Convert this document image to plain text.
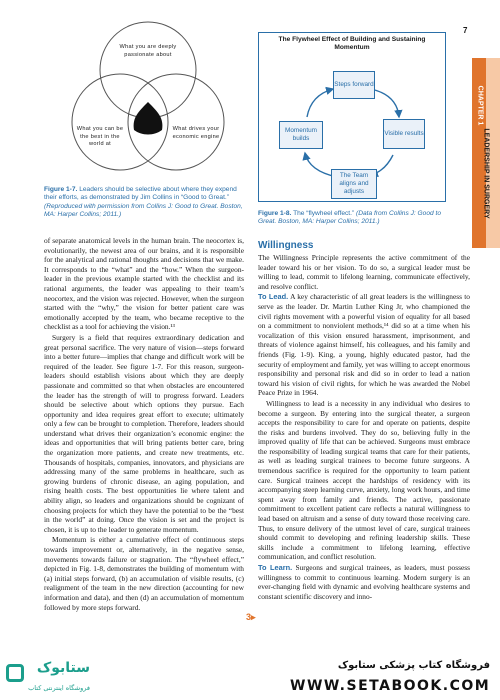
What you are deeply passionate about
What you can be the best in the world at
What drives your economic engine
Figure 1-7. Leaders should be selective about where they expend their efforts, as demonstrated by Jim Collins in “Good to Great.” (Reproduced with permission from Collins J: Good to Great. Boston, MA: Harper Collins; 2011.)
The Flywheel Effect of Building and Sustaining
Momentum
Steps forward
Visible results
The Team aligns and adjusts
Momentum builds
Figure 1-8. The “flywheel effect.” (Data from Collins J: Good to Great. Boston, MA: Harper Collins; 2011.)
7
CHAPTER 1
LEADERSHIP IN SURGERY

of separate anatomical levels in the human brain. The neocortex is, evolutionarily, the newest area of our brains, and it is responsible for the analytical and rational thoughts and decisions that we make. It corresponds to the “what” and the “how.” When the surgeon-leader in the previous example started with the checklist and its rational arguments, the leader was appealing to their team’s neocortex, and the vision was rejected. However, when the surgeon started with the “why,” the vision for better patient care was emotionally accepted by the team, who became receptive to the checklist as a tool for achieving the vision.¹³

Surgery is a field that requires extraordinary dedication and great personal sacrifice. The very nature of vision—steps forward into a better future—implies that change and difficult work will be required of the leader. See figure 1-7. For this reason, surgeon-leaders should establish visions about which they are deeply passionate and committed so that when obstacles are encountered the leader has the strength of will to progress forward. Leaders should be selective about which options they pursue. Each opportunity and idea requires great effort to execute; ultimately only a few can be brought to completion. Therefore, leaders should understand what drives their organization’s economic engine: the ideas and opportunities that will bring patients better care, bring the organization more patients, and create new treatments, etc. Thousands of hospitals, companies, innovators, and physicians are addressing many of the same problems in healthcare, such as growing burdens of chronic disease, an aging population, and rising health costs. The best opportunities lie where talent and ability align, so leaders and organizations should be cognizant of choosing projects for which they have the potential to be the “best in the world” at doing. Once the vision is set and the project is chosen, it is up to the leader to generate momentum.

Momentum is either a cumulative effect of continuous steps towards improvement or, alternatively, in the negative sense, movements towards failure or stagnation. The “flywheel effect,” depicted in Fig. 1-8, demonstrates the building of momentum with (a) initial steps forward, (b) an accumulation of visible results, (c) realignment of the team in the new direction (accounting for new information and data), and then (d) an accumulation of momentum followed by more steps forward.

Willingness

The Willingness Principle represents the active commitment of the leader toward his or her vision. To do so, a surgical leader must be willing to lead, commit to lifelong learning, communicate effectively, and resolve conflict.

To Lead. A key characteristic of all great leaders is the willingness to serve as the leader. Dr. Martin Luther King Jr, who championed the civil rights movement with a powerful vision of equality for all based on a commitment to nonviolent methods,¹⁴ did so at a time when his vocalization of this vision ensured harassment, imprisonment, and threats of violence against himself, his colleagues, and his family and friends (Fig. 1-9). King, a young, highly educated pastor, had the security of employment and family, yet was willing to accept enormous responsibility and personal risk and did so in order to lead a nation toward his vision of civil rights, for which he was awarded the Nobel Peace Prize in 1964.

Willingness to lead is a necessity in any individual who desires to become a surgeon. By entering into the surgical theater, a surgeon accepts the responsibility to care for and operate on patients, despite the risks and burdens involved. They do so, believing fully in the improved quality of life that can be achieved. Surgeons must embrace the responsibility of leading surgical teams that care for their patients, as well as leading surgical trainees to become future surgeons. A tremendous sacrifice is required for the opportunity to learn patient care. Surgical trainees accept the hardships of residency with its accompanying steep learning curve, anxiety, long work hours, and time spent away from family and friends. The active, passionate commitment to excellent patient care reflects a natural willingness to lead based on altruism and a sense of duty toward those receiving care. Thus, to ensure delivery of the utmost level of care, surgical trainees should commit to developing and refining leadership skills. These skills include a commitment to lifelong learning, effective communication, and conflict resolution.

To Learn. Surgeons and surgical trainees, as leaders, must possess willingness to commit to continuous learning. Modern surgery is an ever-changing field with dynamic and evolving healthcare systems and constant scientific discovery and inno-

3▸
ستابوک
فروشگاه اینترنتی کتاب
فروشگاه کتاب پزشکی ستابوک
WWW.SETABOOK.COM
